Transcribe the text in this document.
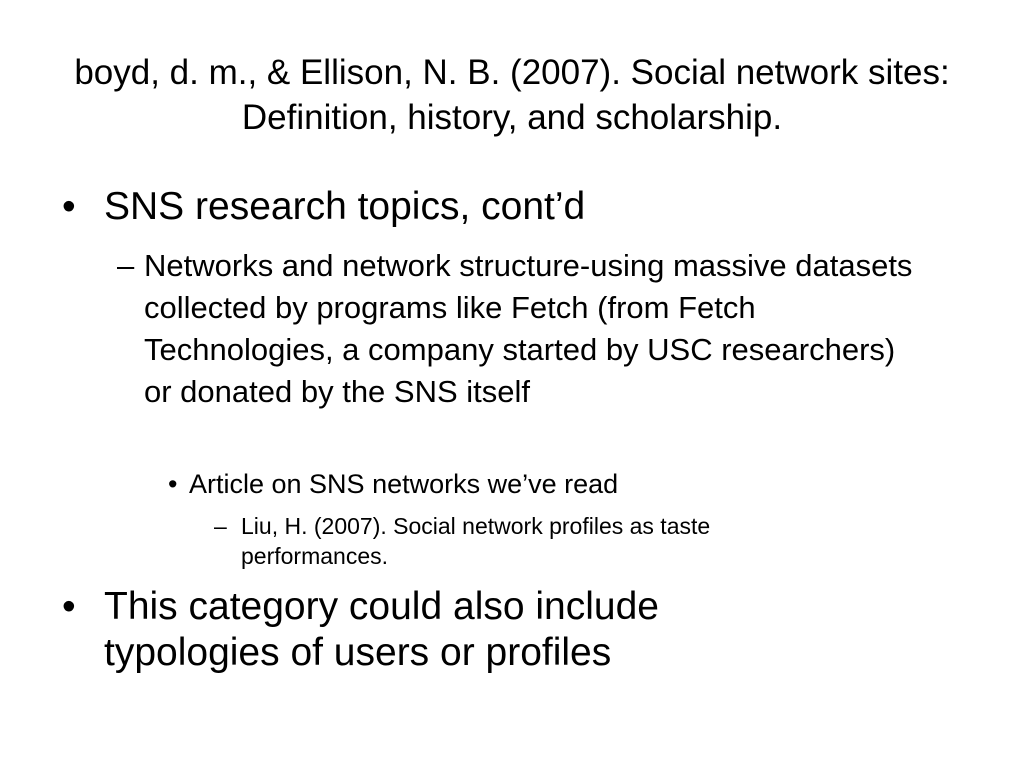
boyd, d. m., & Ellison, N. B. (2007). Social network sites: Definition, history, and scholarship.
• SNS research topics, cont’d
– Networks and network structure-using massive datasets collected by programs like Fetch (from Fetch Technologies, a company started by USC researchers) or donated by the SNS itself
• Article on SNS networks we’ve read
– Liu, H. (2007). Social network profiles as taste performances.
• This category could also include typologies of users or profiles
